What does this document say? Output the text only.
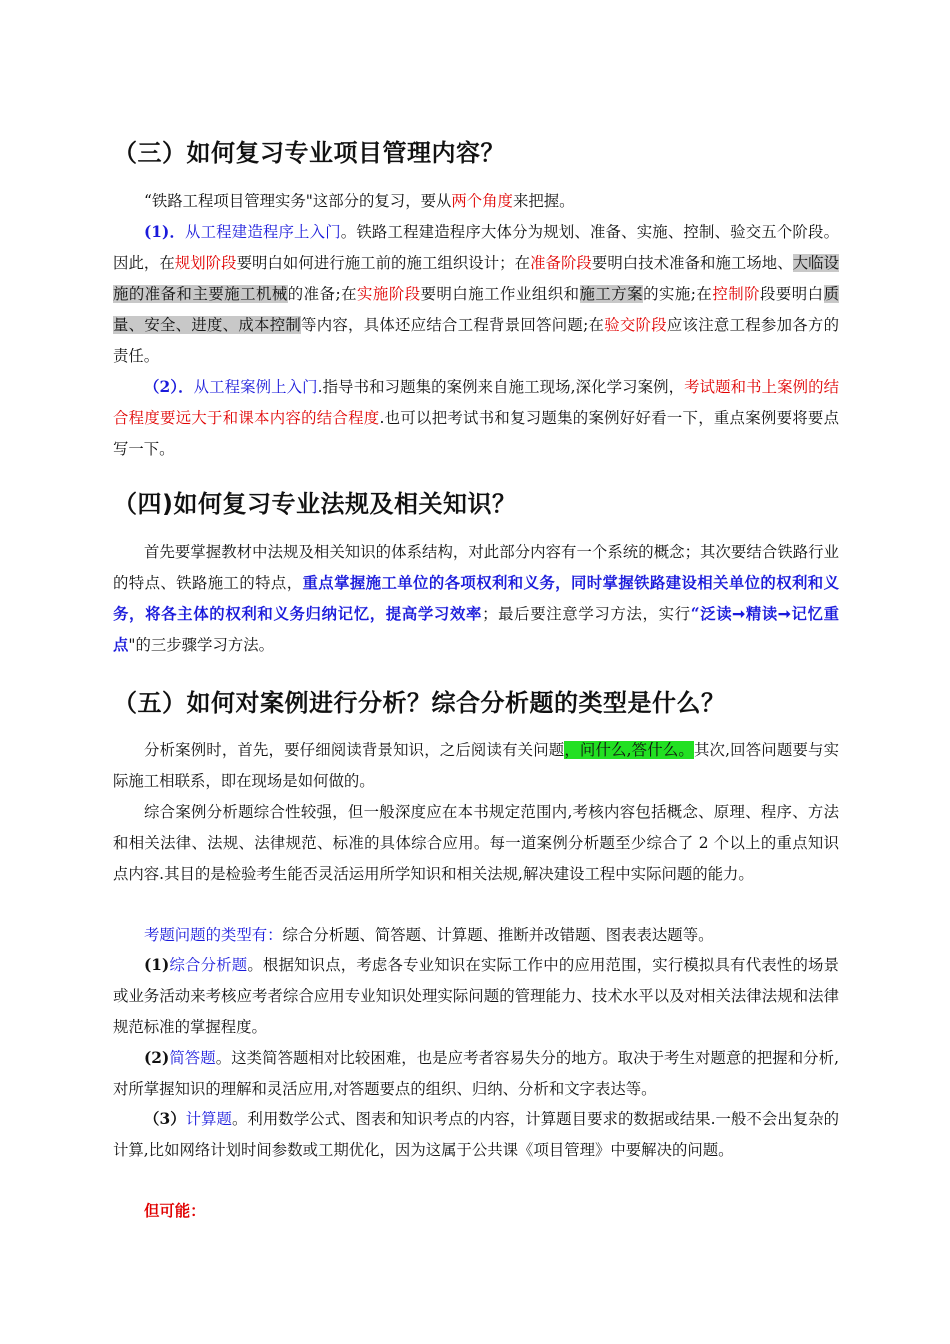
（三）如何复习专业项目管理内容？

“铁路工程项目管理实务"这部分的复习，要从两个角度来把握。

(1)．从工程建造程序上入门。铁路工程建造程序大体分为规划、准备、实施、控制、验交五个阶段。因此，在规划阶段要明白如何进行施工前的施工组织设计；在准备阶段要明白技术准备和施工场地、大临设施的准备和主要施工机械的准备;在实施阶段要明白施工作业组织和施工方案的实施;在控制阶段要明白质量、安全、进度、成本控制等内容，具体还应结合工程背景回答问题;在验交阶段应该注意工程参加各方的责任。

（2）．从工程案例上入门.指导书和习题集的案例来自施工现场,深化学习案例，考试题和书上案例的结合程度要远大于和课本内容的结合程度.也可以把考试书和复习题集的案例好好看一下，重点案例要将要点写一下。

（四)如何复习专业法规及相关知识？

首先要掌握教材中法规及相关知识的体系结构，对此部分内容有一个系统的概念；其次要结合铁路行业的特点、铁路施工的特点，重点掌握施工单位的各项权利和义务，同时掌握铁路建设相关单位的权利和义务，将各主体的权利和义务归纳记忆，提高学习效率；最后要注意学习方法，实行“泛读➞精读➞记忆重点"的三步骤学习方法。

（五）如何对案例进行分析？综合分析题的类型是什么？

分析案例时，首先，要仔细阅读背景知识，之后阅读有关问题，问什么,答什么。其次,回答问题要与实际施工相联系，即在现场是如何做的。

综合案例分析题综合性较强，但一般深度应在本书规定范围内,考核内容包括概念、原理、程序、方法和相关法律、法规、法律规范、标准的具体综合应用。每一道案例分析题至少综合了 2 个以上的重点知识点内容.其目的是检验考生能否灵活运用所学知识和相关法规,解决建设工程中实际问题的能力。

考题问题的类型有：综合分析题、简答题、计算题、推断并改错题、图表表达题等。

(1)综合分析题。根据知识点，考虑各专业知识在实际工作中的应用范围，实行模拟具有代表性的场景或业务活动来考核应考者综合应用专业知识处理实际问题的管理能力、技术水平以及对相关法律法规和法律规范标准的掌握程度。

(2)简答题。这类简答题相对比较困难，也是应考者容易失分的地方。取决于考生对题意的把握和分析,对所掌握知识的理解和灵活应用,对答题要点的组织、归纳、分析和文字表达等。

（3）计算题。利用数学公式、图表和知识考点的内容，计算题目要求的数据或结果.一般不会出复杂的计算,比如网络计划时间参数或工期优化，因为这属于公共课《项目管理》中要解决的问题。

但可能：
